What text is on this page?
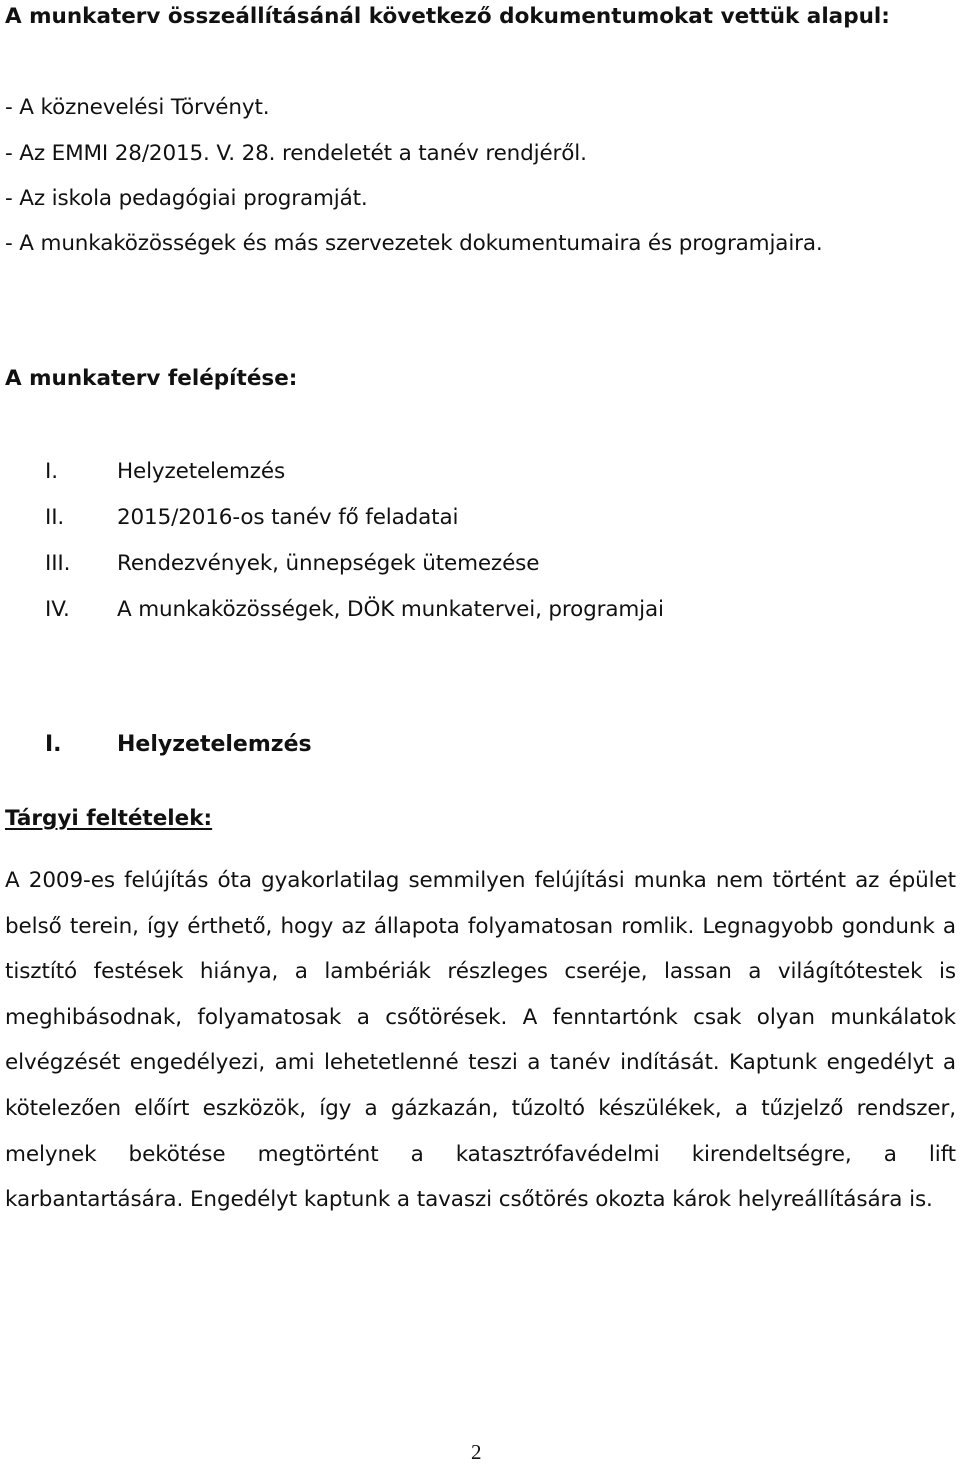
A munkaterv összeállításánál következő dokumentumokat vettük alapul:
- A köznevelési Törvényt.
- Az EMMI 28/2015. V. 28. rendeletét a tanév rendjéről.
- Az iskola pedagógiai programját.
- A munkaközösségek és más szervezetek dokumentumaira és programjaira.
A munkaterv felépítése:
I.	Helyzetelemzés
II. 2015/2016-os tanév fő feladatai
III. Rendezvények, ünnepségek ütemezése
IV. A munkaközösségek, DÖK munkatervei, programjai
I.	Helyzetelemzés
Tárgyi feltételek:
A 2009-es felújítás óta gyakorlatilag semmilyen felújítási munka nem történt az épület belső terein, így érthető, hogy az állapota folyamatosan romlik. Legnagyobb gondunk a tisztító festések hiánya, a lambériák részleges cseréje, lassan a világítótestek is meghibásodnak, folyamatosak a csőtörések. A fenntartónk csak olyan munkálatok elvégzését engedélyezi, ami lehetetlenné teszi a tanév indítását. Kaptunk engedélyt a kötelezően előírt eszközök, így a gázkazán, tűzoltó készülékek, a tűzjelző rendszer, melynek bekötése megtörtént a katasztrófavédelmi kirendeltségre, a lift karbantartására. Engedélyt kaptunk a tavaszi csőtörés okozta károk helyreállítására is.
2
